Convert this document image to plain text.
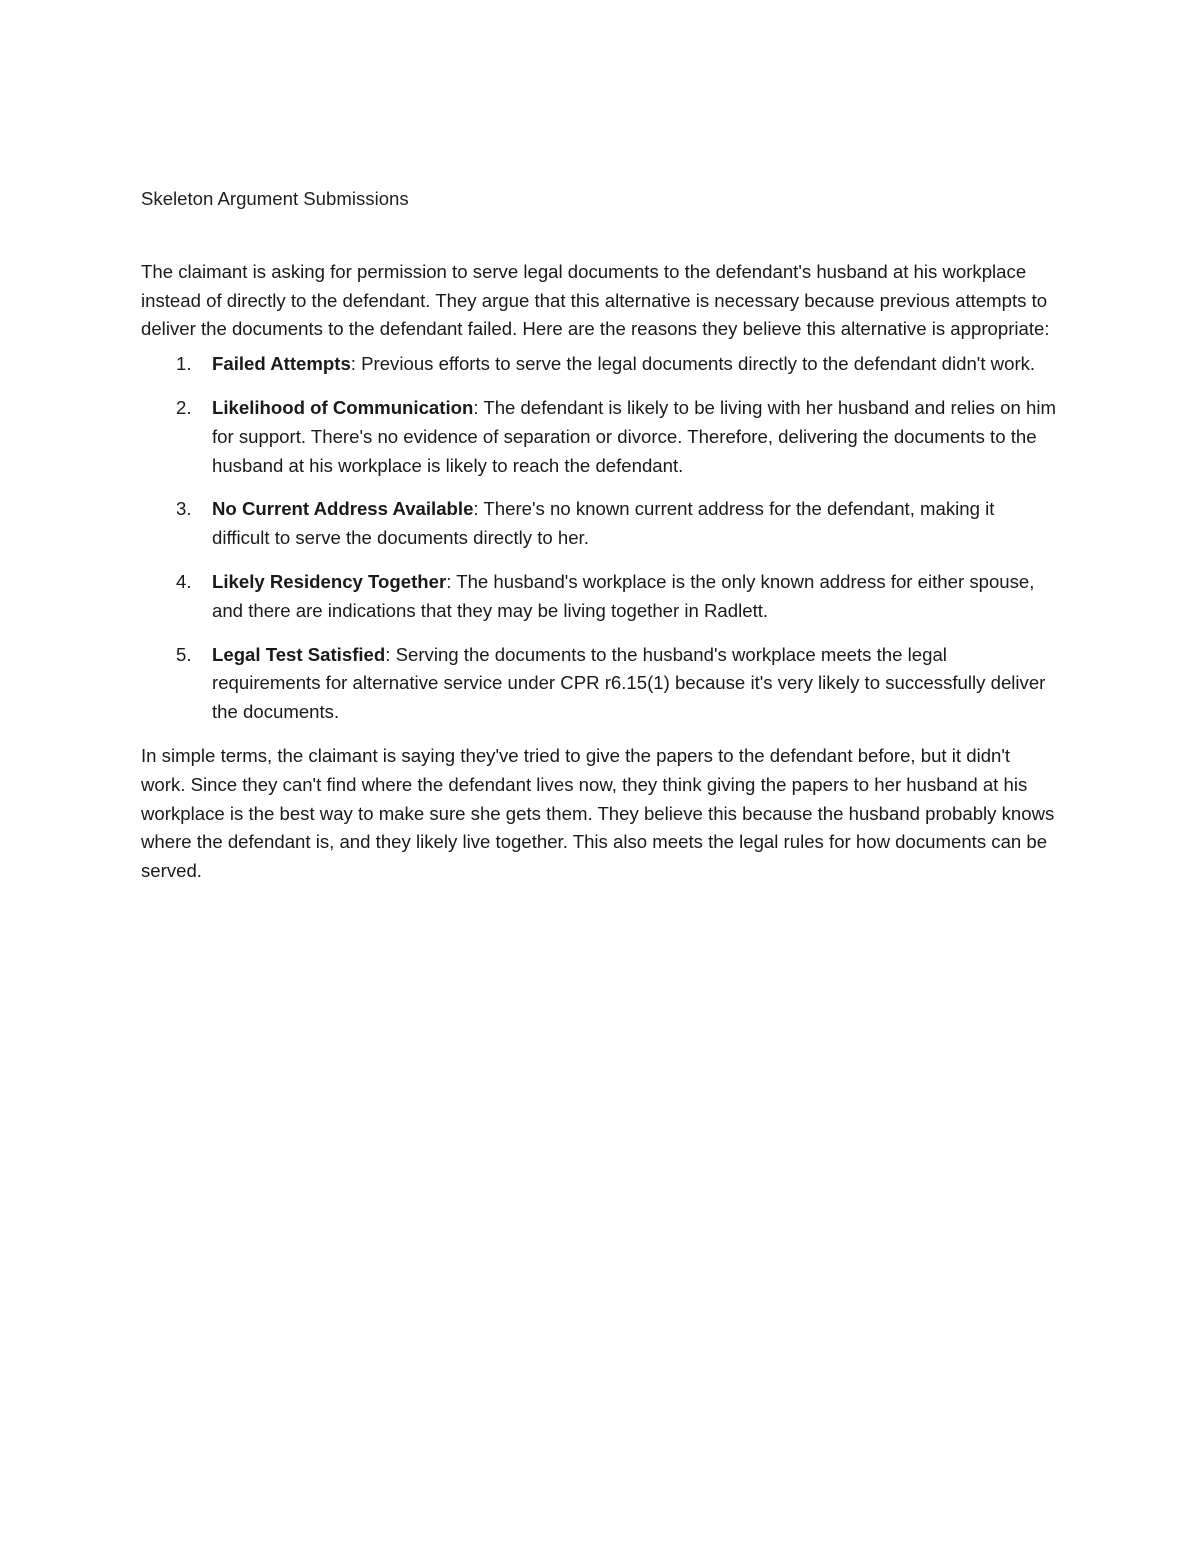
Skeleton Argument Submissions

The claimant is asking for permission to serve legal documents to the defendant's husband at his workplace instead of directly to the defendant. They argue that this alternative is necessary because previous attempts to deliver the documents to the defendant failed. Here are the reasons they believe this alternative is appropriate:

1. Failed Attempts: Previous efforts to serve the legal documents directly to the defendant didn't work.
2. Likelihood of Communication: The defendant is likely to be living with her husband and relies on him for support. There's no evidence of separation or divorce. Therefore, delivering the documents to the husband at his workplace is likely to reach the defendant.
3. No Current Address Available: There's no known current address for the defendant, making it difficult to serve the documents directly to her.
4. Likely Residency Together: The husband's workplace is the only known address for either spouse, and there are indications that they may be living together in Radlett.
5. Legal Test Satisfied: Serving the documents to the husband's workplace meets the legal requirements for alternative service under CPR r6.15(1) because it's very likely to successfully deliver the documents.

In simple terms, the claimant is saying they've tried to give the papers to the defendant before, but it didn't work. Since they can't find where the defendant lives now, they think giving the papers to her husband at his workplace is the best way to make sure she gets them. They believe this because the husband probably knows where the defendant is, and they likely live together. This also meets the legal rules for how documents can be served.
